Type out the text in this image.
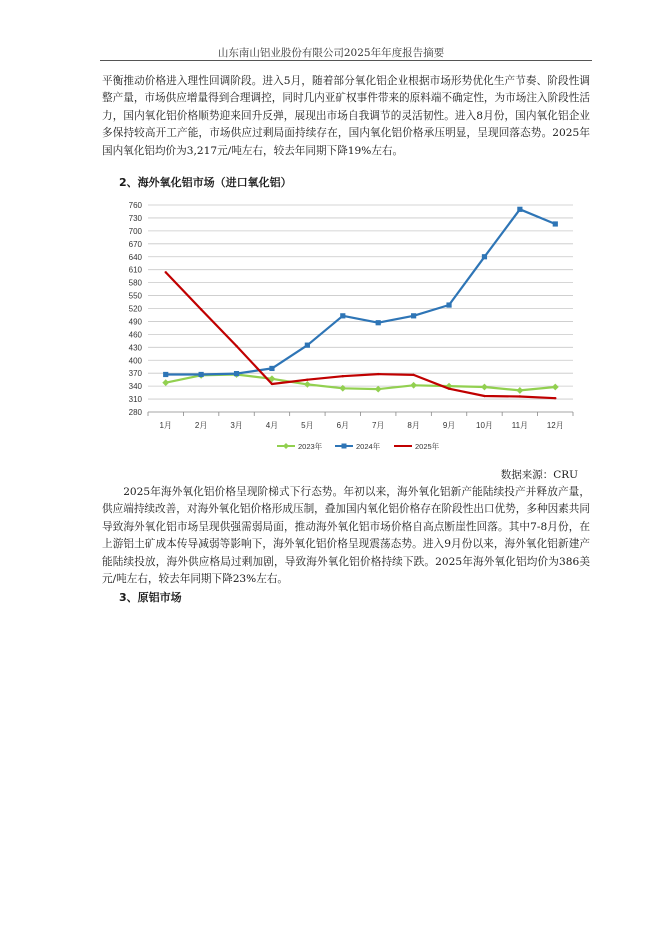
山东南山铝业股份有限公司2025年年度报告摘要

平衡推动价格进入理性回调阶段。进入5月，随着部分氧化铝企业根据市场形势优化生产节奏、阶段性调整产量，市场供应增量得到合理调控，同时几内亚矿权事件带来的原料端不确定性，为市场注入阶段性活力，国内氧化铝价格顺势迎来回升反弹，展现出市场自我调节的灵活韧性。进入8月份，国内氧化铝企业多保持较高开工产能，市场供应过剩局面持续存在，国内氧化铝价格承压明显，呈现回落态势。2025年国内氧化铝均价为3,217元/吨左右，较去年同期下降19%左右。

2、海外氧化铝市场（进口氧化铝）

280
310
340
370
400
430
460
490
520
550
580
610
640
670
700
730
760
1月	2月	3月	4月	5月	6月	7月	8月	9月	10月 11月 12月
2023年	2024年	2025年
数据来源：CRU

2025年海外氧化铝价格呈现阶梯式下行态势。年初以来，海外氧化铝新产能陆续投产并释放产量，供应端持续改善，对海外氧化铝价格形成压制，叠加国内氧化铝价格存在阶段性出口优势，多种因素共同导致海外氧化铝市场呈现供强需弱局面，推动海外氧化铝市场价格自高点断崖性回落。其中7-8月份，在上游铝土矿成本传导减弱等影响下，海外氧化铝价格呈现震荡态势。进入9月份以来，海外氧化铝新建产能陆续投放，海外供应格局过剩加剧，导致海外氧化铝价格持续下跌。2025年海外氧化铝均价为386美元/吨左右，较去年同期下降23%左右。

3、原铝市场
